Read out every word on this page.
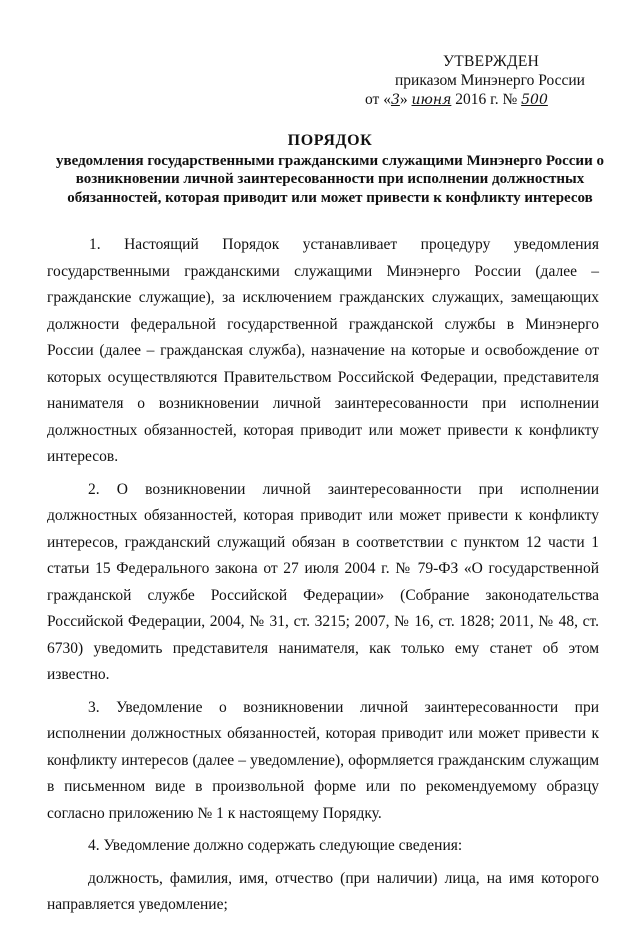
УТВЕРЖДЕН
приказом Минэнерго России
от «3» июня 2016 г. № 500
ПОРЯДОК
уведомления государственными гражданскими служащими Минэнерго России о возникновении личной заинтересованности при исполнении должностных обязанностей, которая приводит или может привести к конфликту интересов

1.      Настоящий      Порядок      устанавливает      процедуру      уведомления государственными гражданскими служащими Минэнерго России (далее – гражданские служащие), за исключением гражданских служащих, замещающих должности федеральной государственной гражданской службы в Минэнерго России (далее – гражданская служба), назначение на которые и освобождение от которых осуществляются Правительством Российской Федерации, представителя нанимателя о возникновении личной заинтересованности при исполнении должностных обязанностей, которая приводит или может привести к конфликту интересов.

2. О возникновении личной заинтересованности при исполнении должностных обязанностей, которая приводит или может привести к конфликту интересов, гражданский служащий обязан в соответствии с пунктом 12 части 1 статьи 15 Федерального закона от 27 июля 2004 г. № 79-ФЗ «О государственной гражданской службе Российской Федерации» (Собрание законодательства Российской Федерации, 2004, № 31, ст. 3215; 2007, № 16, ст. 1828; 2011, № 48, ст. 6730) уведомить представителя нанимателя, как только ему станет об этом известно.

3. Уведомление о возникновении личной заинтересованности при исполнении должностных обязанностей, которая приводит или может привести к конфликту интересов (далее – уведомление), оформляется гражданским служащим в письменном виде в произвольной форме или по рекомендуемому образцу согласно приложению № 1 к настоящему Порядку.

4. Уведомление должно содержать следующие сведения:

должность, фамилия, имя, отчество (при наличии) лица, на имя которого направляется уведомление;
